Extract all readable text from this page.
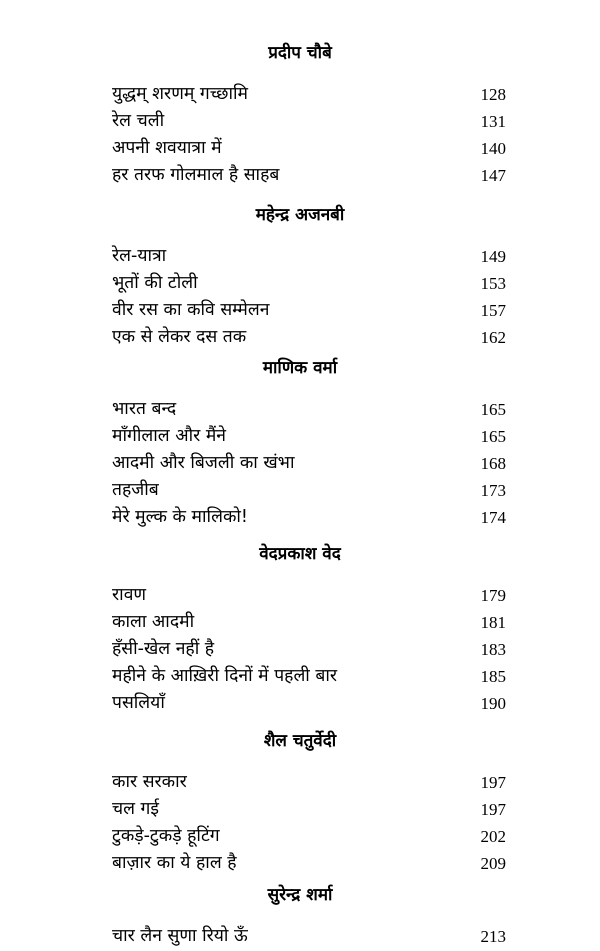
प्रदीप चौबे
युद्धम् शरणम् गच्छामि	128
रेल चली	131
अपनी शवयात्रा में	140
हर तरफ गोलमाल है साहब	147
महेन्द्र अजनबी
रेल-यात्रा	149
भूतों की टोली	153
वीर रस का कवि सम्मेलन	157
एक से लेकर दस तक	162
माणिक वर्मा
भारत बन्द	165
माँगीलाल और मैंने	165
आदमी और बिजली का खंभा	168
तहजीब	173
मेरे मुल्क के मालिको!	174
वेदप्रकाश वेद
रावण	179
काला आदमी	181
हँसी-खेल नहीं है	183
महीने के आख़िरी दिनों में पहली बार	185
पसलियाँ	190
शैल चतुर्वेदी
कार सरकार	197
चल गई	197
टुकड़े-टुकड़े हूटिंग	202
बाज़ार का ये हाल है	209
सुरेन्द्र शर्मा
चार लैन सुणा रियो ऊँ	213
